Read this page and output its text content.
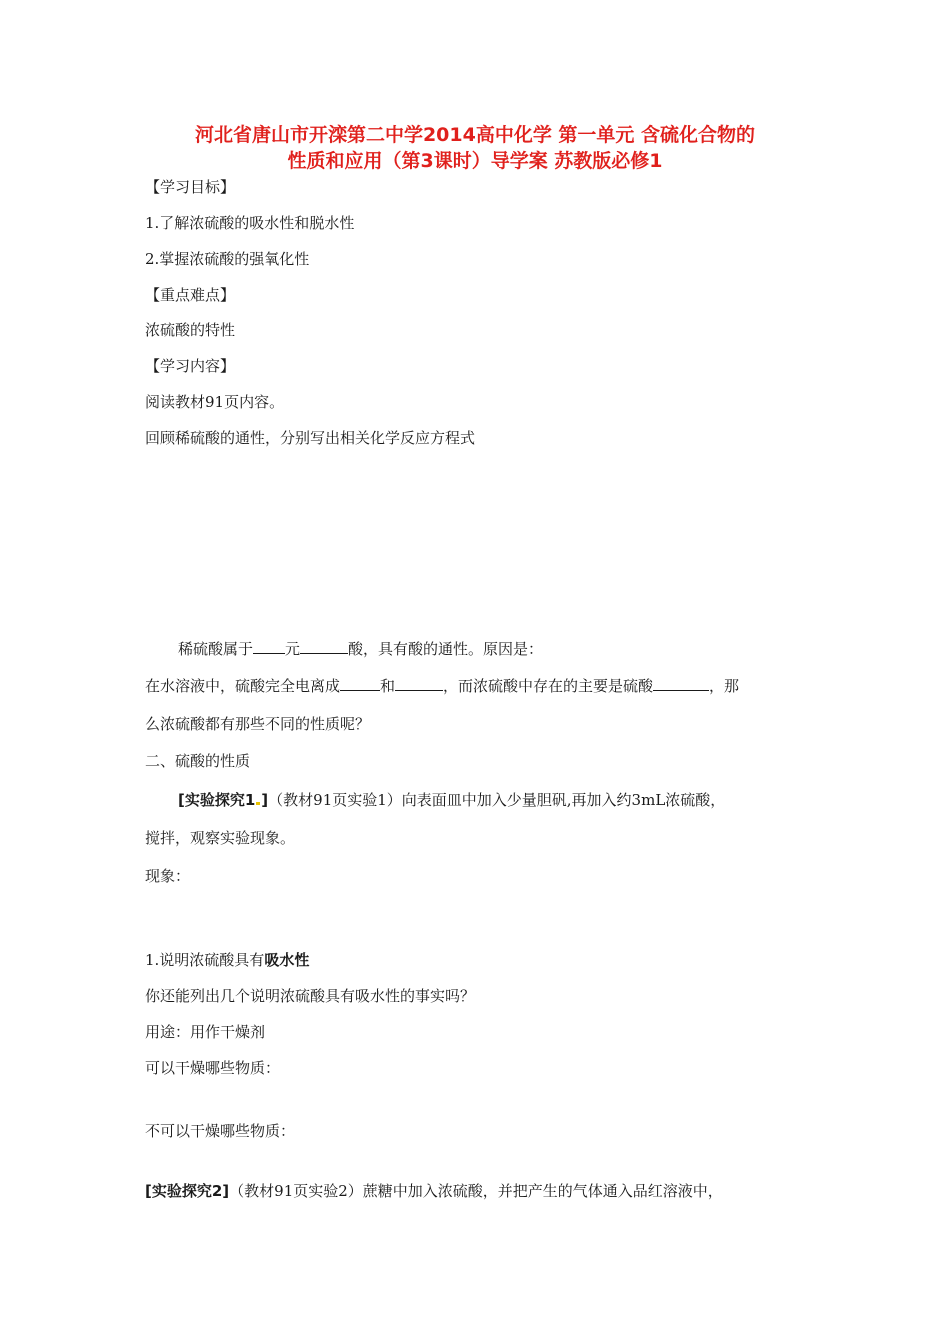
河北省唐山市开滦第二中学2014高中化学 第一单元 含硫化合物的
性质和应用（第3课时）导学案 苏教版必修1
【学习目标】
1.了解浓硫酸的吸水性和脱水性
2.掌握浓硫酸的强氧化性
【重点难点】
浓硫酸的特性
【学习内容】
阅读教材91页内容。
回顾稀硫酸的通性，分别写出相关化学反应方程式
稀硫酸属于 元	酸，具有酸的通性。原因是：
在水溶液中，硫酸完全电离成	和	，而浓硫酸中存在的主要是硫酸	，那
么浓硫酸都有那些不同的性质呢？
二、硫酸的性质
[实验探究1 ]（教材91页实验1）向表面皿中加入少量胆矾,再加入约3mL浓硫酸，
搅拌，观察实验现象。
现象：
1.说明浓硫酸具有吸水性
你还能列出几个说明浓硫酸具有吸水性的事实吗？
用途：用作干燥剂
可以干燥哪些物质：
不可以干燥哪些物质：
[实验探究2]（教材91页实验2）蔗糖中加入浓硫酸，并把产生的气体通入品红溶液中，
